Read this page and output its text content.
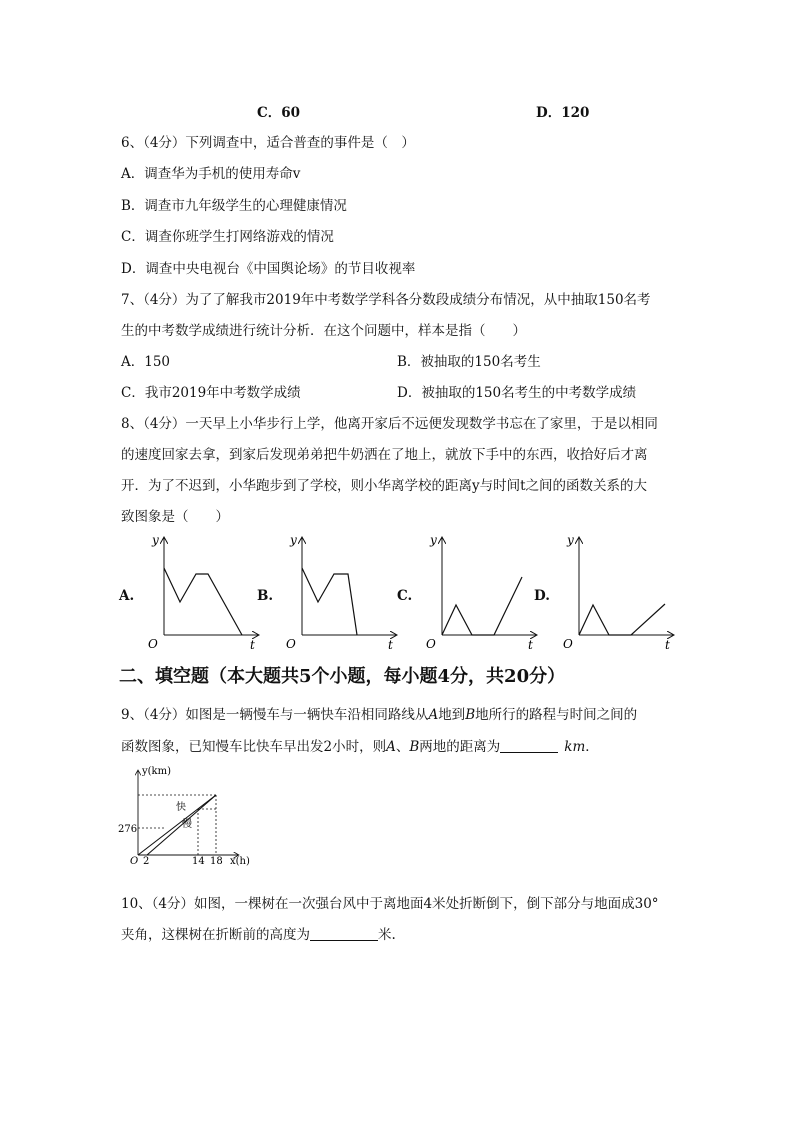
C．60	D．120
6、（4分）下列调查中，适合普查的事件是（　）
A．调查华为手机的使用寿命v
B．调查市九年级学生的心理健康情况
C．调查你班学生打网络游戏的情况
D．调查中央电视台《中国舆论场》的节目收视率
7、（4分）为了了解我市2019年中考数学学科各分数段成绩分布情况，从中抽取150名考
生的中考数学成绩进行统计分析．在这个问题中，样本是指（　　）
A．150	B．被抽取的150名考生
C．我市2019年中考数学成绩	D．被抽取的150名考生的中考数学成绩
8、（4分）一天早上小华步行上学，他离开家后不远便发现数学书忘在了家里，于是以相同
的速度回家去拿，到家后发现弟弟把牛奶洒在了地上，就放下手中的东西，收拾好后才离
开．为了不迟到，小华跑步到了学校，则小华离学校的距离y与时间t之间的函数关系的大
致图象是（　　）
A.
y
t
O
B.
y
t
O
C.
y
t
O
D.
y
t
O
二、填空题（本大题共5个小题，每小题4分，共20分）
9、（4分）如图是一辆慢车与一辆快车沿相同路线从A地到B地所行的路程与时间之间的
函数图象，已知慢车比快车早出发2小时，则A、B两地的距离为	km．
y(km)
x(h)
O
276
2	14 18
快
慢
10、（4分）如图，一棵树在一次强台风中于离地面4米处折断倒下，倒下部分与地面成30°
夹角，这棵树在折断前的高度为	米.
